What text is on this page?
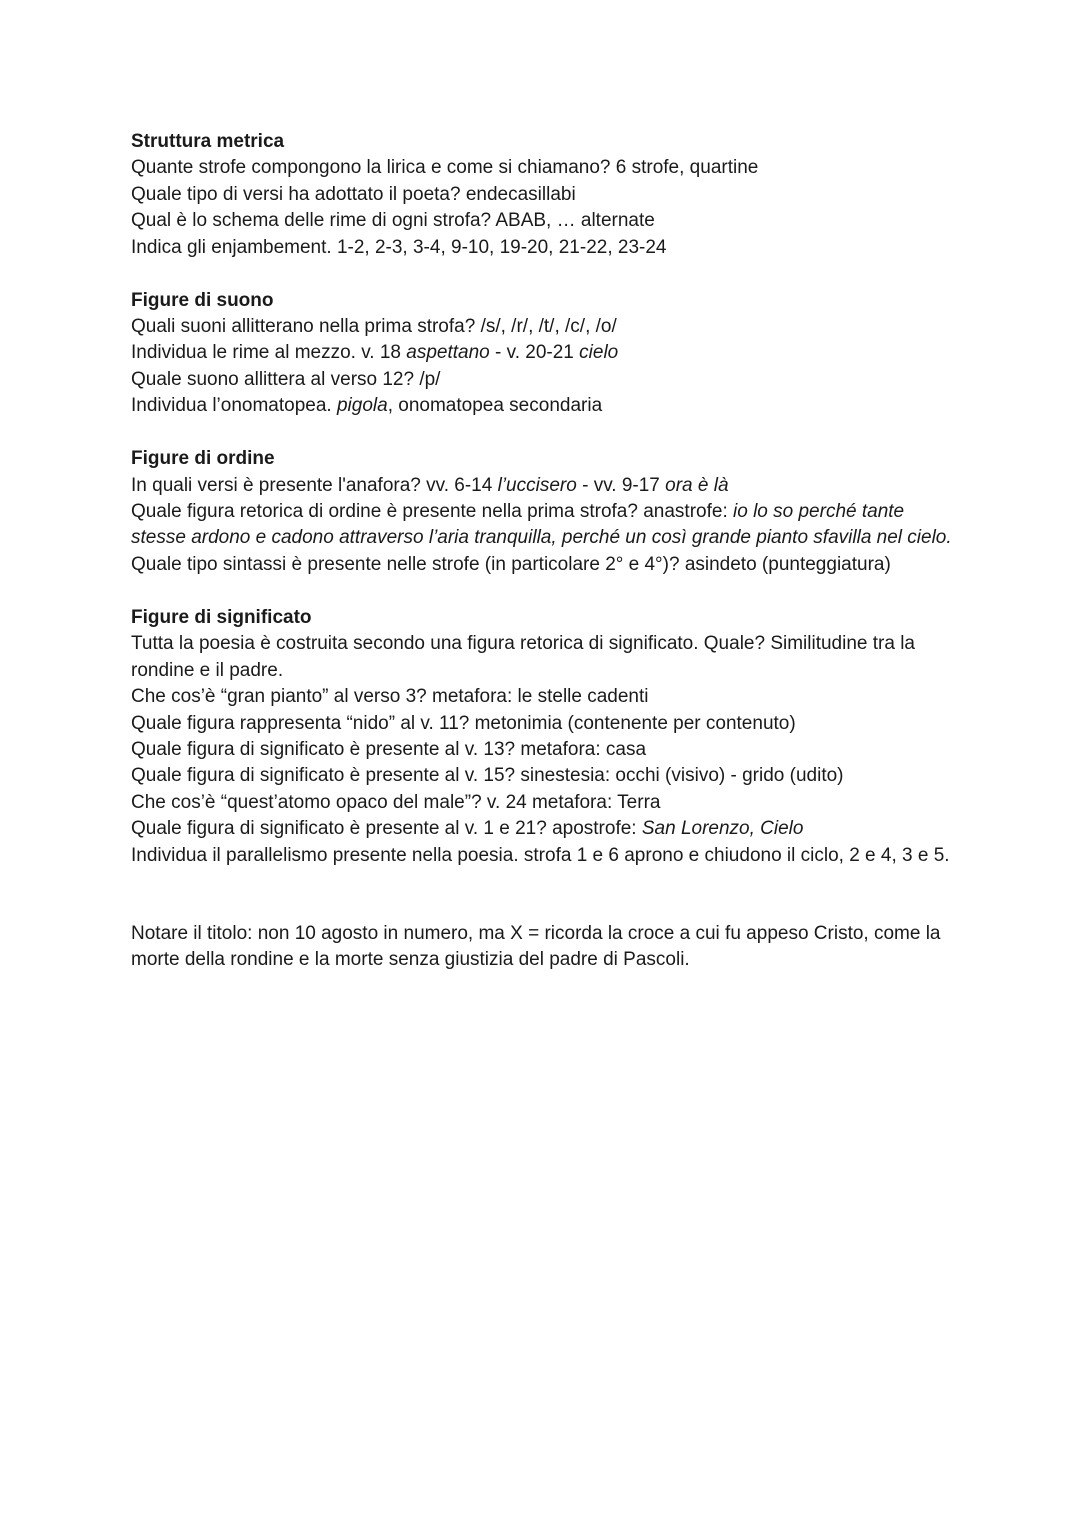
Struttura metrica
Quante strofe compongono la lirica e come si chiamano? 6 strofe, quartine
Quale tipo di versi ha adottato il poeta? endecasillabi
Qual è lo schema delle rime di ogni strofa? ABAB, … alternate
Indica gli enjambement. 1-2, 2-3, 3-4, 9-10, 19-20, 21-22, 23-24
Figure di suono
Quali suoni allitterano nella prima strofa? /s/, /r/, /t/, /c/, /o/
Individua le rime al mezzo. v. 18 aspettano - v. 20-21 cielo
Quale suono allittera al verso 12? /p/
Individua l’onomatopea. pigola, onomatopea secondaria
Figure di ordine
In quali versi è presente l'anafora? vv. 6-14 l’uccisero - vv. 9-17 ora è là
Quale figura retorica di ordine è presente nella prima strofa? anastrofe: io lo so perché tante stesse ardono e cadono attraverso l’aria tranquilla, perché un così grande pianto sfavilla nel cielo.
Quale tipo sintassi è presente nelle strofe (in particolare 2° e 4°)? asindeto (punteggiatura)
Figure di significato
Tutta la poesia è costruita secondo una figura retorica di significato. Quale? Similitudine tra la rondine e il padre.
Che cos’è “gran pianto” al verso 3? metafora: le stelle cadenti
Quale figura rappresenta “nido” al v. 11? metonimia (contenente per contenuto)
Quale figura di significato è presente al v. 13? metafora: casa
Quale figura di significato è presente al v. 15? sinestesia: occhi (visivo) - grido (udito)
Che cos’è “quest’atomo opaco del male”? v. 24 metafora: Terra
Quale figura di significato è presente al v. 1 e 21? apostrofe: San Lorenzo, Cielo
Individua il parallelismo presente nella poesia. strofa 1 e 6 aprono e chiudono il ciclo, 2 e 4, 3 e 5.
Notare il titolo: non 10 agosto in numero, ma X = ricorda la croce a cui fu appeso Cristo, come la morte della rondine e la morte senza giustizia del padre di Pascoli.
